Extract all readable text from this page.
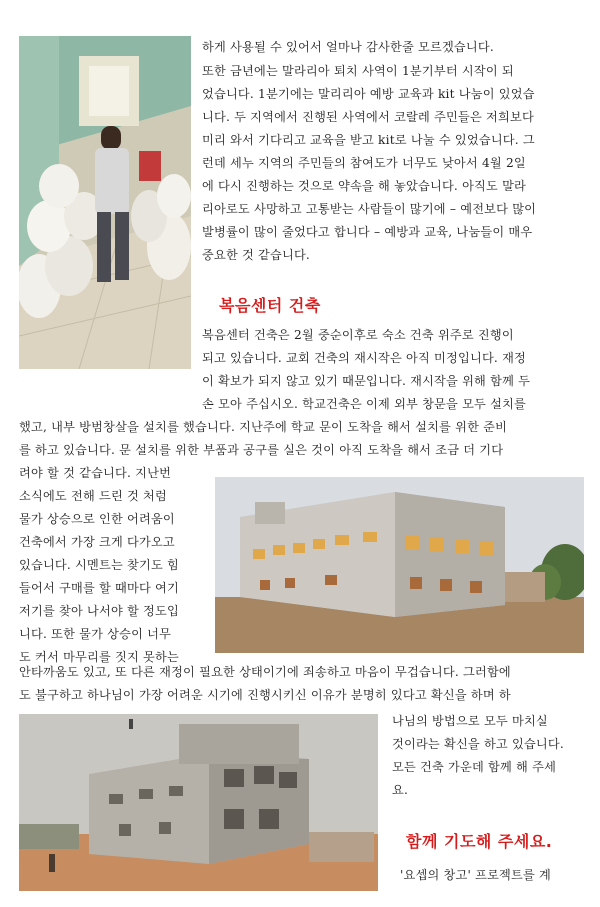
하게 사용될 수 있어서 얼마나 감사한줄 모르겠습니다.
또한 금년에는 말라리아 퇴치 사역이 1분기부터 시작이 되
었습니다. 1분기에는 말리리아 예방 교육과 kit 나눔이 있었습
니다. 두 지역에서 진행된 사역에서 코랄레 주민들은 저희보다
미리 와서 기다리고 교육을 받고 kit로 나눌 수 있었습니다. 그
런데 세누 지역의 주민들의 참여도가 너무도 낮아서 4월 2일
에 다시 진행하는 것으로 약속을 해 놓았습니다. 아직도 말라
리아로도 사망하고 고통받는 사람들이 많기에 – 예전보다 많이
발병률이 많이 줄었다고 합니다 – 예방과 교육, 나눔들이 매우
중요한 것 같습니다.
복음센터 건축
복음센터 건축은 2월 중순이후로 숙소 건축 위주로 진행이
되고 있습니다. 교회 건축의 재시작은 아직 미정입니다. 재정
이 확보가 되지 않고 있기 때문입니다. 재시작을 위해 함께 두
손 모아 주십시오. 학교건축은 이제 외부 창문을 모두 설치를
했고, 내부 방범창살을 설치를 했습니다. 지난주에 학교 문이 도착을 해서 설치를 위한 준비
를 하고 있습니다. 문 설치를 위한 부품과 공구를 실은 것이 아직 도착을 해서 조금 더 기다
려야 할 것 같습니다. 지난번
소식에도 전해 드린 것 처럼
물가 상승으로 인한 어려움이
건축에서 가장 크게 다가오고
있습니다. 시멘트는 찾기도 힘
들어서 구매를 할 때마다 여기
저기를 찾아 나서야 할 정도입
니다. 또한 물가 상승이 너무
도 커서 마무리를 짓지 못하는
안타까움도 있고, 또 다른 재정이 필요한 상태이기에 죄송하고 마음이 무겁습니다. 그러함에
도 불구하고 하나님이 가장 어려운 시기에 진행시키신 이유가 분명히 있다고 확신을 하며 하
나님의 방법으로 모두 마치실
것이라는 확신을 하고 있습니다.
모든 건축 가운데 함께 해 주세
요.
함께 기도해 주세요.
'요셉의 창고' 프로젝트를 계
